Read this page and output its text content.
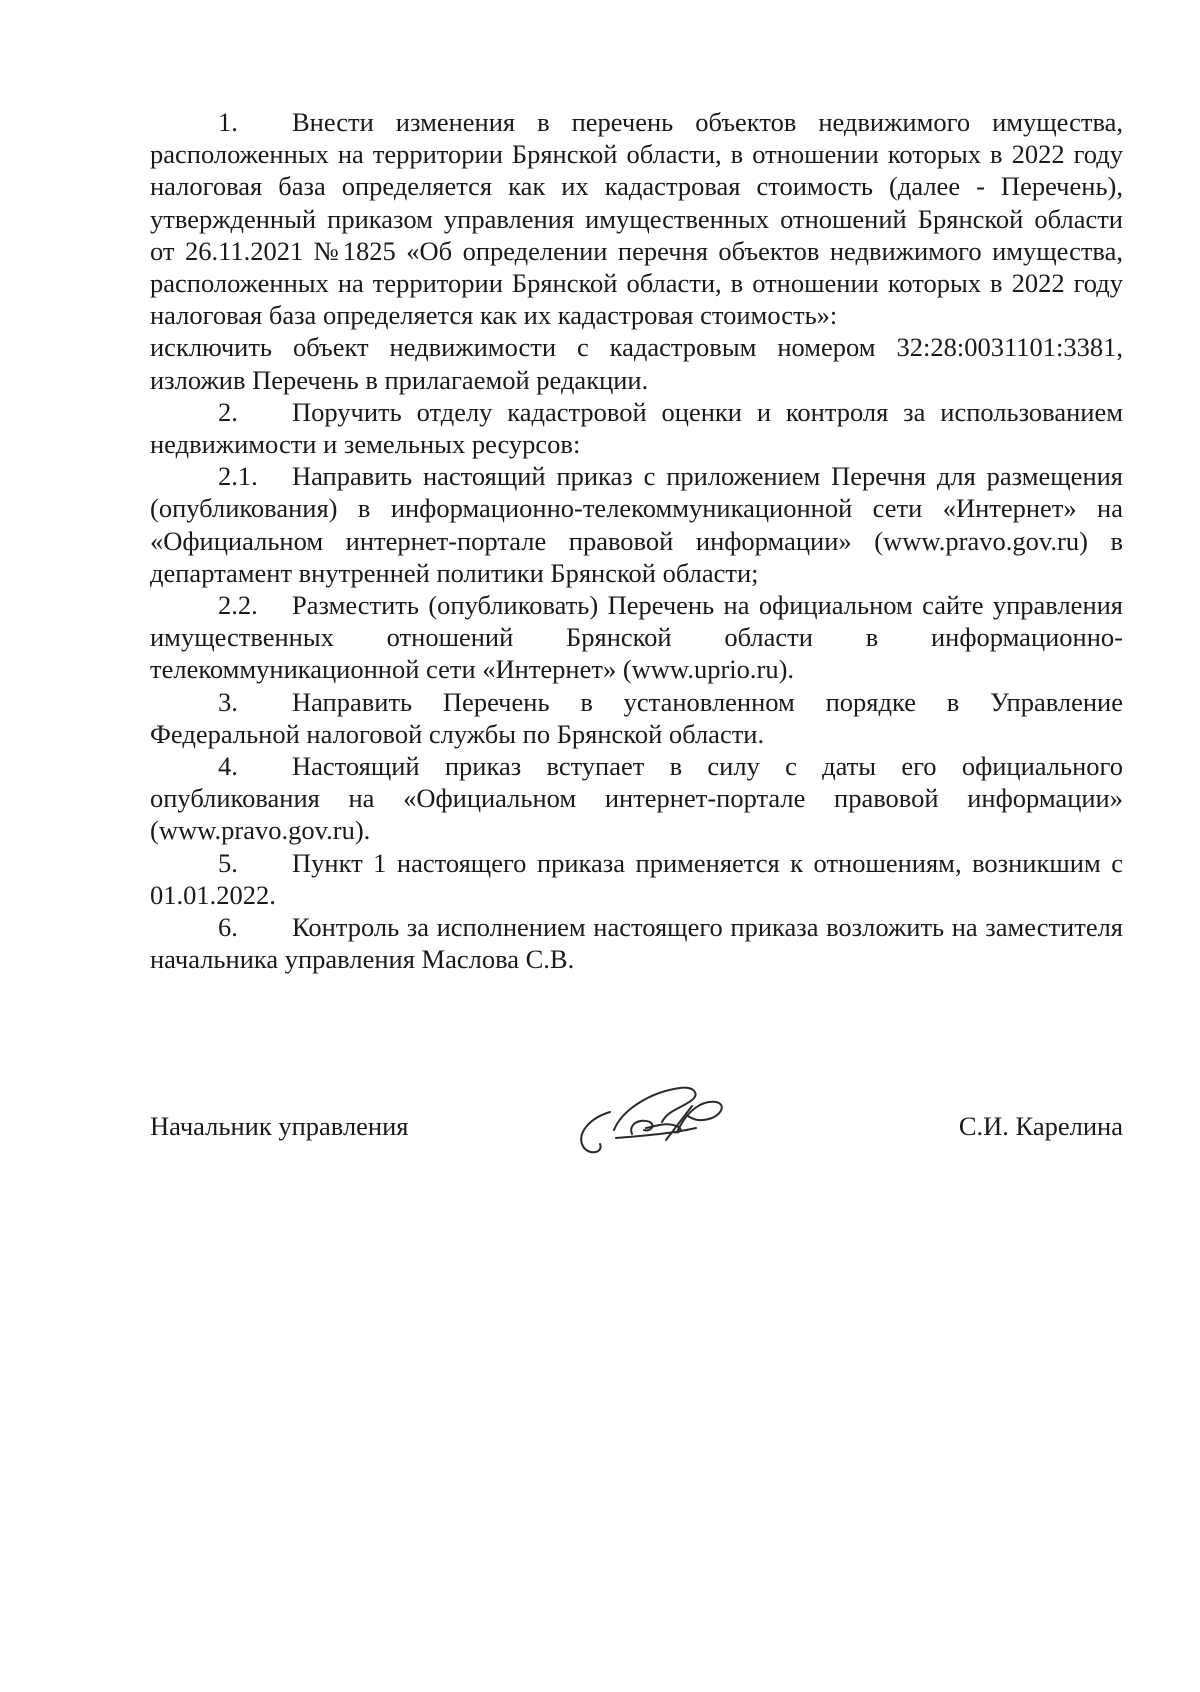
1. Внести изменения в перечень объектов недвижимого имущества, расположенных на территории Брянской области, в отношении которых в 2022 году налоговая база определяется как их кадастровая стоимость (далее - Перечень), утвержденный приказом управления имущественных отношений Брянской области от 26.11.2021 №1825 «Об определении перечня объектов недвижимого имущества, расположенных на территории Брянской области, в отношении которых в 2022 году налоговая база определяется как их кадастровая стоимость»:

исключить объект недвижимости с кадастровым номером 32:28:0031101:3381, изложив Перечень в прилагаемой редакции.

2. Поручить отделу кадастровой оценки и контроля за использованием недвижимости и земельных ресурсов:

2.1. Направить настоящий приказ с приложением Перечня для размещения (опубликования) в информационно-телекоммуникационной сети «Интернет» на «Официальном интернет-портале правовой информации» (www.pravo.gov.ru) в департамент внутренней политики Брянской области;

2.2. Разместить (опубликовать) Перечень на официальном сайте управления имущественных отношений Брянской области в информационно-телекоммуникационной сети «Интернет» (www.uprio.ru).

3. Направить Перечень в установленном порядке в Управление Федеральной налоговой службы по Брянской области.

4. Настоящий приказ вступает в силу с даты его официального опубликования на «Официальном интернет-портале правовой информации» (www.pravo.gov.ru).

5. Пункт 1 настоящего приказа применяется к отношениям, возникшим с 01.01.2022.

6. Контроль за исполнением настоящего приказа возложить на заместителя начальника управления Маслова С.В.

Начальник управления	С.И. Карелина
